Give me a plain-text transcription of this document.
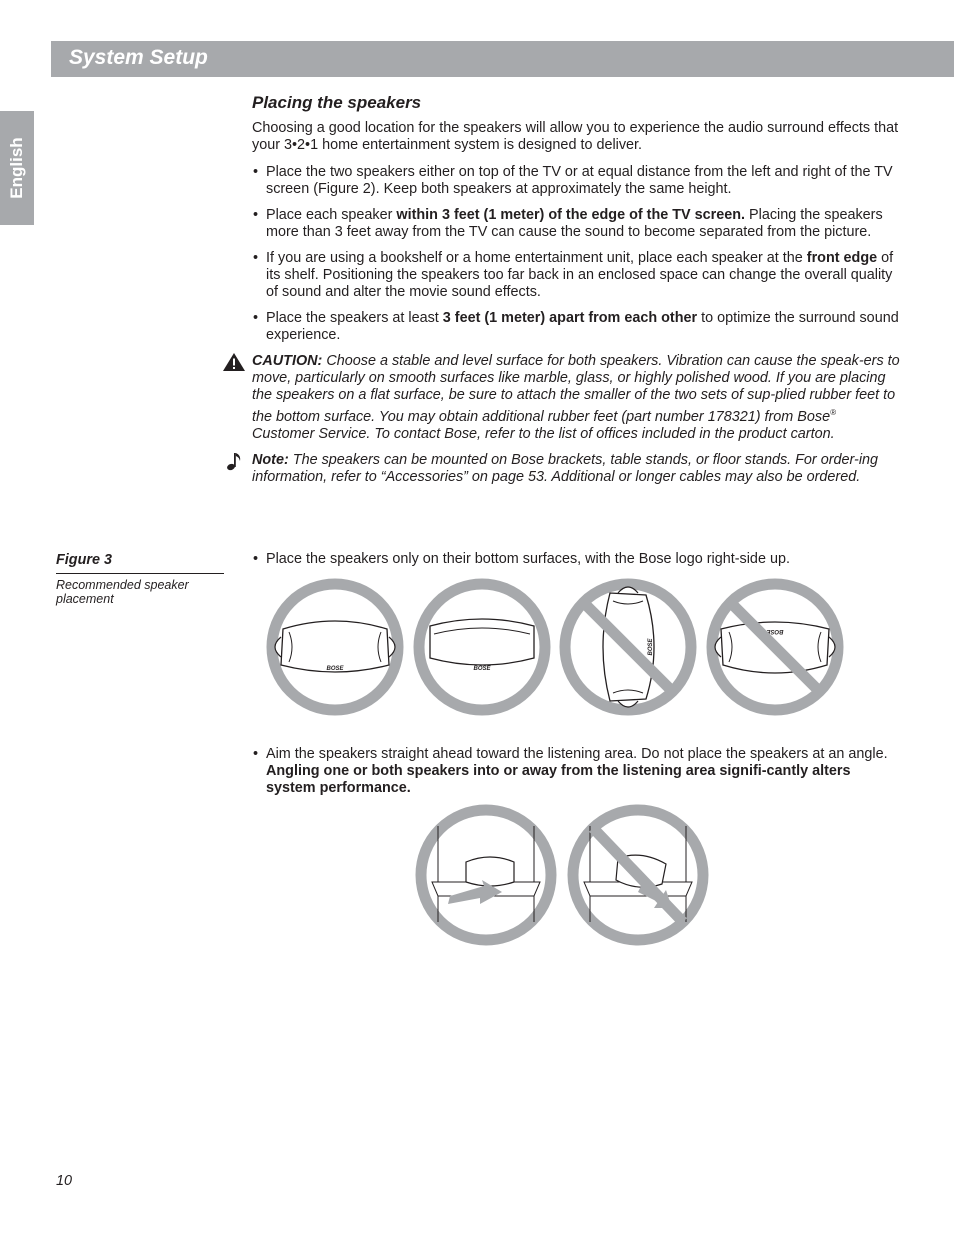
System Setup
English
Placing the speakers

Choosing a good location for the speakers will allow you to experience the audio surround effects that your 3•2•1 home entertainment system is designed to deliver.

• Place the two speakers either on top of the TV or at equal distance from the left and right of the TV screen (Figure 2). Keep both speakers at approximately the same height.
• Place each speaker within 3 feet (1 meter) of the edge of the TV screen. Placing the speakers more than 3 feet away from the TV can cause the sound to become separated from the picture.
• If you are using a bookshelf or a home entertainment unit, place each speaker at the front edge of its shelf. Positioning the speakers too far back in an enclosed space can change the overall quality of sound and alter the movie sound effects.
• Place the speakers at least 3 feet (1 meter) apart from each other to optimize the surround sound experience.
CAUTION: Choose a stable and level surface for both speakers. Vibration can cause the speak-ers to move, particularly on smooth surfaces like marble, glass, or highly polished wood. If you are placing the speakers on a flat surface, be sure to attach the smaller of the two sets of sup-plied rubber feet to the bottom surface. You may obtain additional rubber feet (part number 178321) from Bose® Customer Service. To contact Bose, refer to the list of offices included in the product carton.
Note: The speakers can be mounted on Bose brackets, table stands, or floor stands. For order-ing information, refer to “Accessories” on page 53. Additional or longer cables may also be ordered.
Figure 3
Recommended speaker placement
• Place the speakers only on their bottom surfaces, with the Bose logo right-side up.
BOSE	BOSE
BOSE
BOSE
• Aim the speakers straight ahead toward the listening area. Do not place the speakers at an angle. Angling one or both speakers into or away from the listening area signifi-cantly alters system performance.
10
